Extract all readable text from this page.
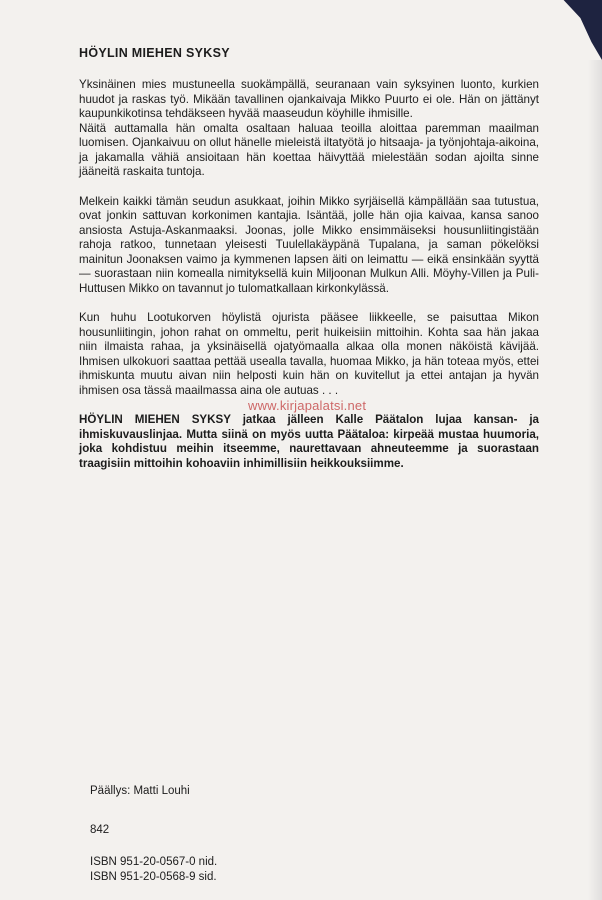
HÖYLIN MIEHEN SYKSY

Yksinäinen mies mustuneella suokämpällä, seuranaan vain syksyinen luonto, kurkien huudot ja raskas työ. Mikään tavallinen ojankaivaja Mikko Puurto ei ole. Hän on jättänyt kaupunkikotinsa tehdäkseen hyvää maaseudun köyhille ihmisille.
Näitä auttamalla hän omalta osaltaan haluaa teoilla aloittaa paremman maailman luomisen. Ojankaivuu on ollut hänelle mieleistä iltatyötä jo hitsaaja- ja työnjohtaja-aikoina, ja jakamalla vähiä ansioitaan hän koettaa häivyttää mielestään sodan ajoilta sinne jääneitä raskaita tuntoja.

Melkein kaikki tämän seudun asukkaat, joihin Mikko syrjäisellä kämpällään saa tutustua, ovat jonkin sattuvan korkonimen kantajia. Isäntää, jolle hän ojia kaivaa, kansa sanoo ansiosta Astuja-Askanmaaksi. Joonas, jolle Mikko ensimmäiseksi housunliitingistään rahoja ratkoo, tunnetaan yleisesti Tuulellakäypänä Tupalana, ja saman pökelöksi mainitun Joonaksen vaimo ja kymmenen lapsen äiti on leimattu — eikä ensinkään syyttä — suorastaan niin komealla nimityksellä kuin Miljoonan Mulkun Alli. Möyhy-Villen ja Puli-Huttusen Mikko on tavannut jo tulomatkallaan kirkonkylässä.

Kun huhu Lootukorven höylistä ojurista pääsee liikkeelle, se paisuttaa Mikon housunliitingin, johon rahat on ommeltu, perit huikeisiin mittoihin. Kohta saa hän jakaa niin ilmaista rahaa, ja yksinäisellä ojatyömaalla alkaa olla monen näköistä kävijää. Ihmisen ulkokuori saattaa pettää usealla tavalla, huomaa Mikko, ja hän toteaa myös, ettei ihmiskunta muutu aivan niin helposti kuin hän on kuvitellut ja ettei antajan ja hyvän ihmisen osa tässä maailmassa aina ole autuas . . .

HÖYLIN MIEHEN SYKSY jatkaa jälleen Kalle Päätalon lujaa kansan- ja ihmiskuvauslinjaa. Mutta siinä on myös uutta Päätaloa: kirpeää mustaa huumoria, joka kohdistuu meihin itseemme, naurettavaan ahneuteemme ja suorastaan traagisiin mittoihin kohoaviin inhimillisiin heikkouksiimme.

www.kirjapalatsi.net
Päällys: Matti Louhi
842
ISBN 951-20-0567-0 nid.
ISBN 951-20-0568-9 sid.
